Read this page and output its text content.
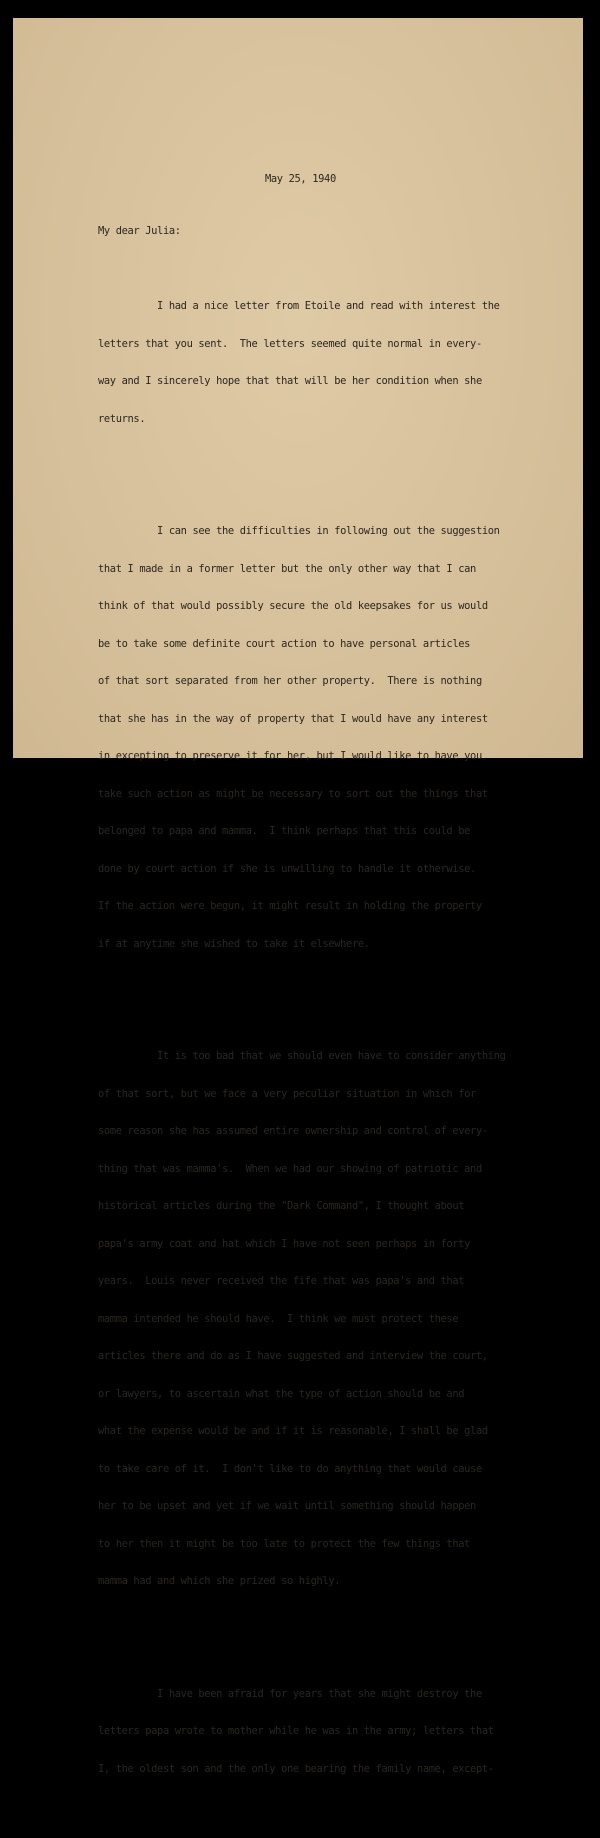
May 25, 1940
My dear Julia:

I had a nice letter from Etoile and read with interest the

letters that you sent.  The letters seemed quite normal in every-

way and I sincerely hope that that will be her condition when she

returns.

I can see the difficulties in following out the suggestion

that I made in a former letter but the only other way that I can

think of that would possibly secure the old keepsakes for us would

be to take some definite court action to have personal articles

of that sort separated from her other property.  There is nothing

that she has in the way of property that I would have any interest

in excepting to preserve it for her, but I would like to have you

take such action as might be necessary to sort out the things that

belonged to papa and mamma.  I think perhaps that this could be

done by court action if she is unwilling to handle it otherwise.

If the action were begun, it might result in holding the property

if at anytime she wished to take it elsewhere.

It is too bad that we should even have to consider anything

of that sort, but we face a very peculiar situation in which for

some reason she has assumed entire ownership and control of every-

thing that was mamma's.  When we had our showing of patriotic and

historical articles during the "Dark Command", I thought about

papa's army coat and hat which I have not seen perhaps in forty

years.  Louis never received the fife that was papa's and that

mamma intended he should have.  I think we must protect these

articles there and do as I have suggested and interview the court,

or lawyers, to ascertain what the type of action should be and

what the expense would be and if it is reasonable, I shall be glad

to take care of it.  I don't like to do anything that would cause

her to be upset and yet if we wait until something should happen

to her then it might be too late to protect the few things that

mamma had and which she prized so highly.

I have been afraid for years that she might destroy the

letters papa wrote to mother while he was in the army; letters that

I, the oldest son and the only one bearing the family name, except-
